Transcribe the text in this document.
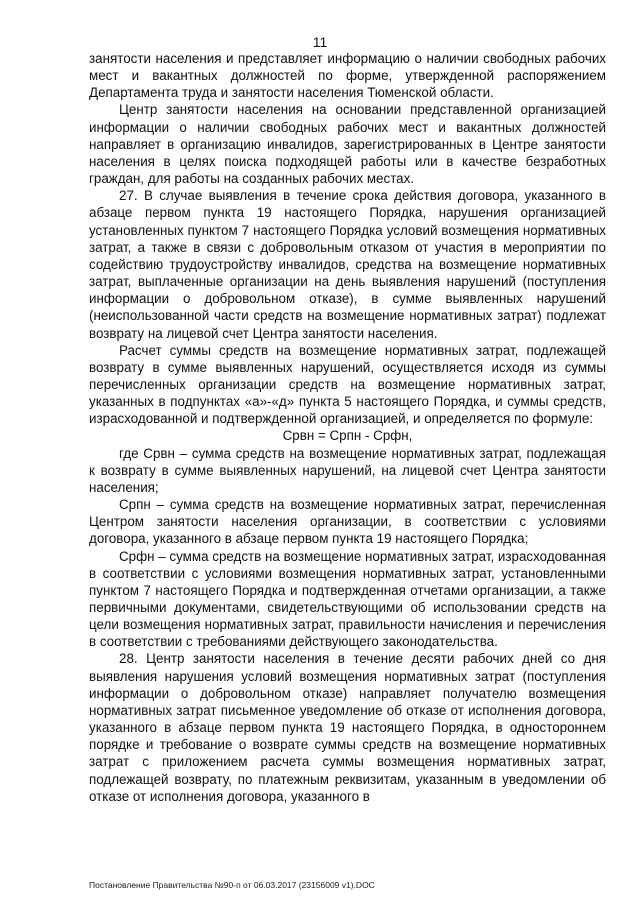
11

занятости населения и представляет информацию о наличии свободных рабочих мест и вакантных должностей по форме, утвержденной распоряжением Департамента труда и занятости населения Тюменской области.

Центр занятости населения на основании представленной организацией информации о наличии свободных рабочих мест и вакантных должностей направляет в организацию инвалидов, зарегистрированных в Центре занятости населения в целях поиска подходящей работы или в качестве безработных граждан, для работы на созданных рабочих местах.

27. В случае выявления в течение срока действия договора, указанного в абзаце первом пункта 19 настоящего Порядка, нарушения организацией установленных пунктом 7 настоящего Порядка условий возмещения нормативных затрат, а также в связи с добровольным отказом от участия в мероприятии по содействию трудоустройству инвалидов, средства на возмещение нормативных затрат, выплаченные организации на день выявления нарушений (поступления информации о добровольном отказе), в сумме выявленных нарушений (неиспользованной части средств на возмещение нормативных затрат) подлежат возврату на лицевой счет Центра занятости населения.

Расчет суммы средств на возмещение нормативных затрат, подлежащей возврату в сумме выявленных нарушений, осуществляется исходя из суммы перечисленных организации средств на возмещение нормативных затрат, указанных в подпунктах «а»-«д» пункта 5 настоящего Порядка, и суммы средств, израсходованной и подтвержденной организацией, и определяется по формуле:

Срвн = Српн - Срфн,

где Срвн – сумма средств на возмещение нормативных затрат, подлежащая к возврату в сумме выявленных нарушений, на лицевой счет Центра занятости населения;

Српн – сумма средств на возмещение нормативных затрат, перечисленная Центром занятости населения организации, в соответствии с условиями договора, указанного в абзаце первом пункта 19 настоящего Порядка;

Срфн – сумма средств на возмещение нормативных затрат, израсходованная в соответствии с условиями возмещения нормативных затрат, установленными пунктом 7 настоящего Порядка и подтвержденная отчетами организации, а также первичными документами, свидетельствующими об использовании средств на цели возмещения нормативных затрат, правильности начисления и перечисления в соответствии с требованиями действующего законодательства.

28. Центр занятости населения в течение десяти рабочих дней со дня выявления нарушения условий возмещения нормативных затрат (поступления информации о добровольном отказе) направляет получателю возмещения нормативных затрат письменное уведомление об отказе от исполнения договора, указанного в абзаце первом пункта 19 настоящего Порядка, в одностороннем порядке и требование о возврате суммы средств на возмещение нормативных затрат с приложением расчета суммы возмещения нормативных затрат, подлежащей возврату, по платежным реквизитам, указанным в уведомлении об отказе от исполнения договора, указанного в

Постановление Правительства №90-п от 06.03.2017 (23156009 v1).DOC
